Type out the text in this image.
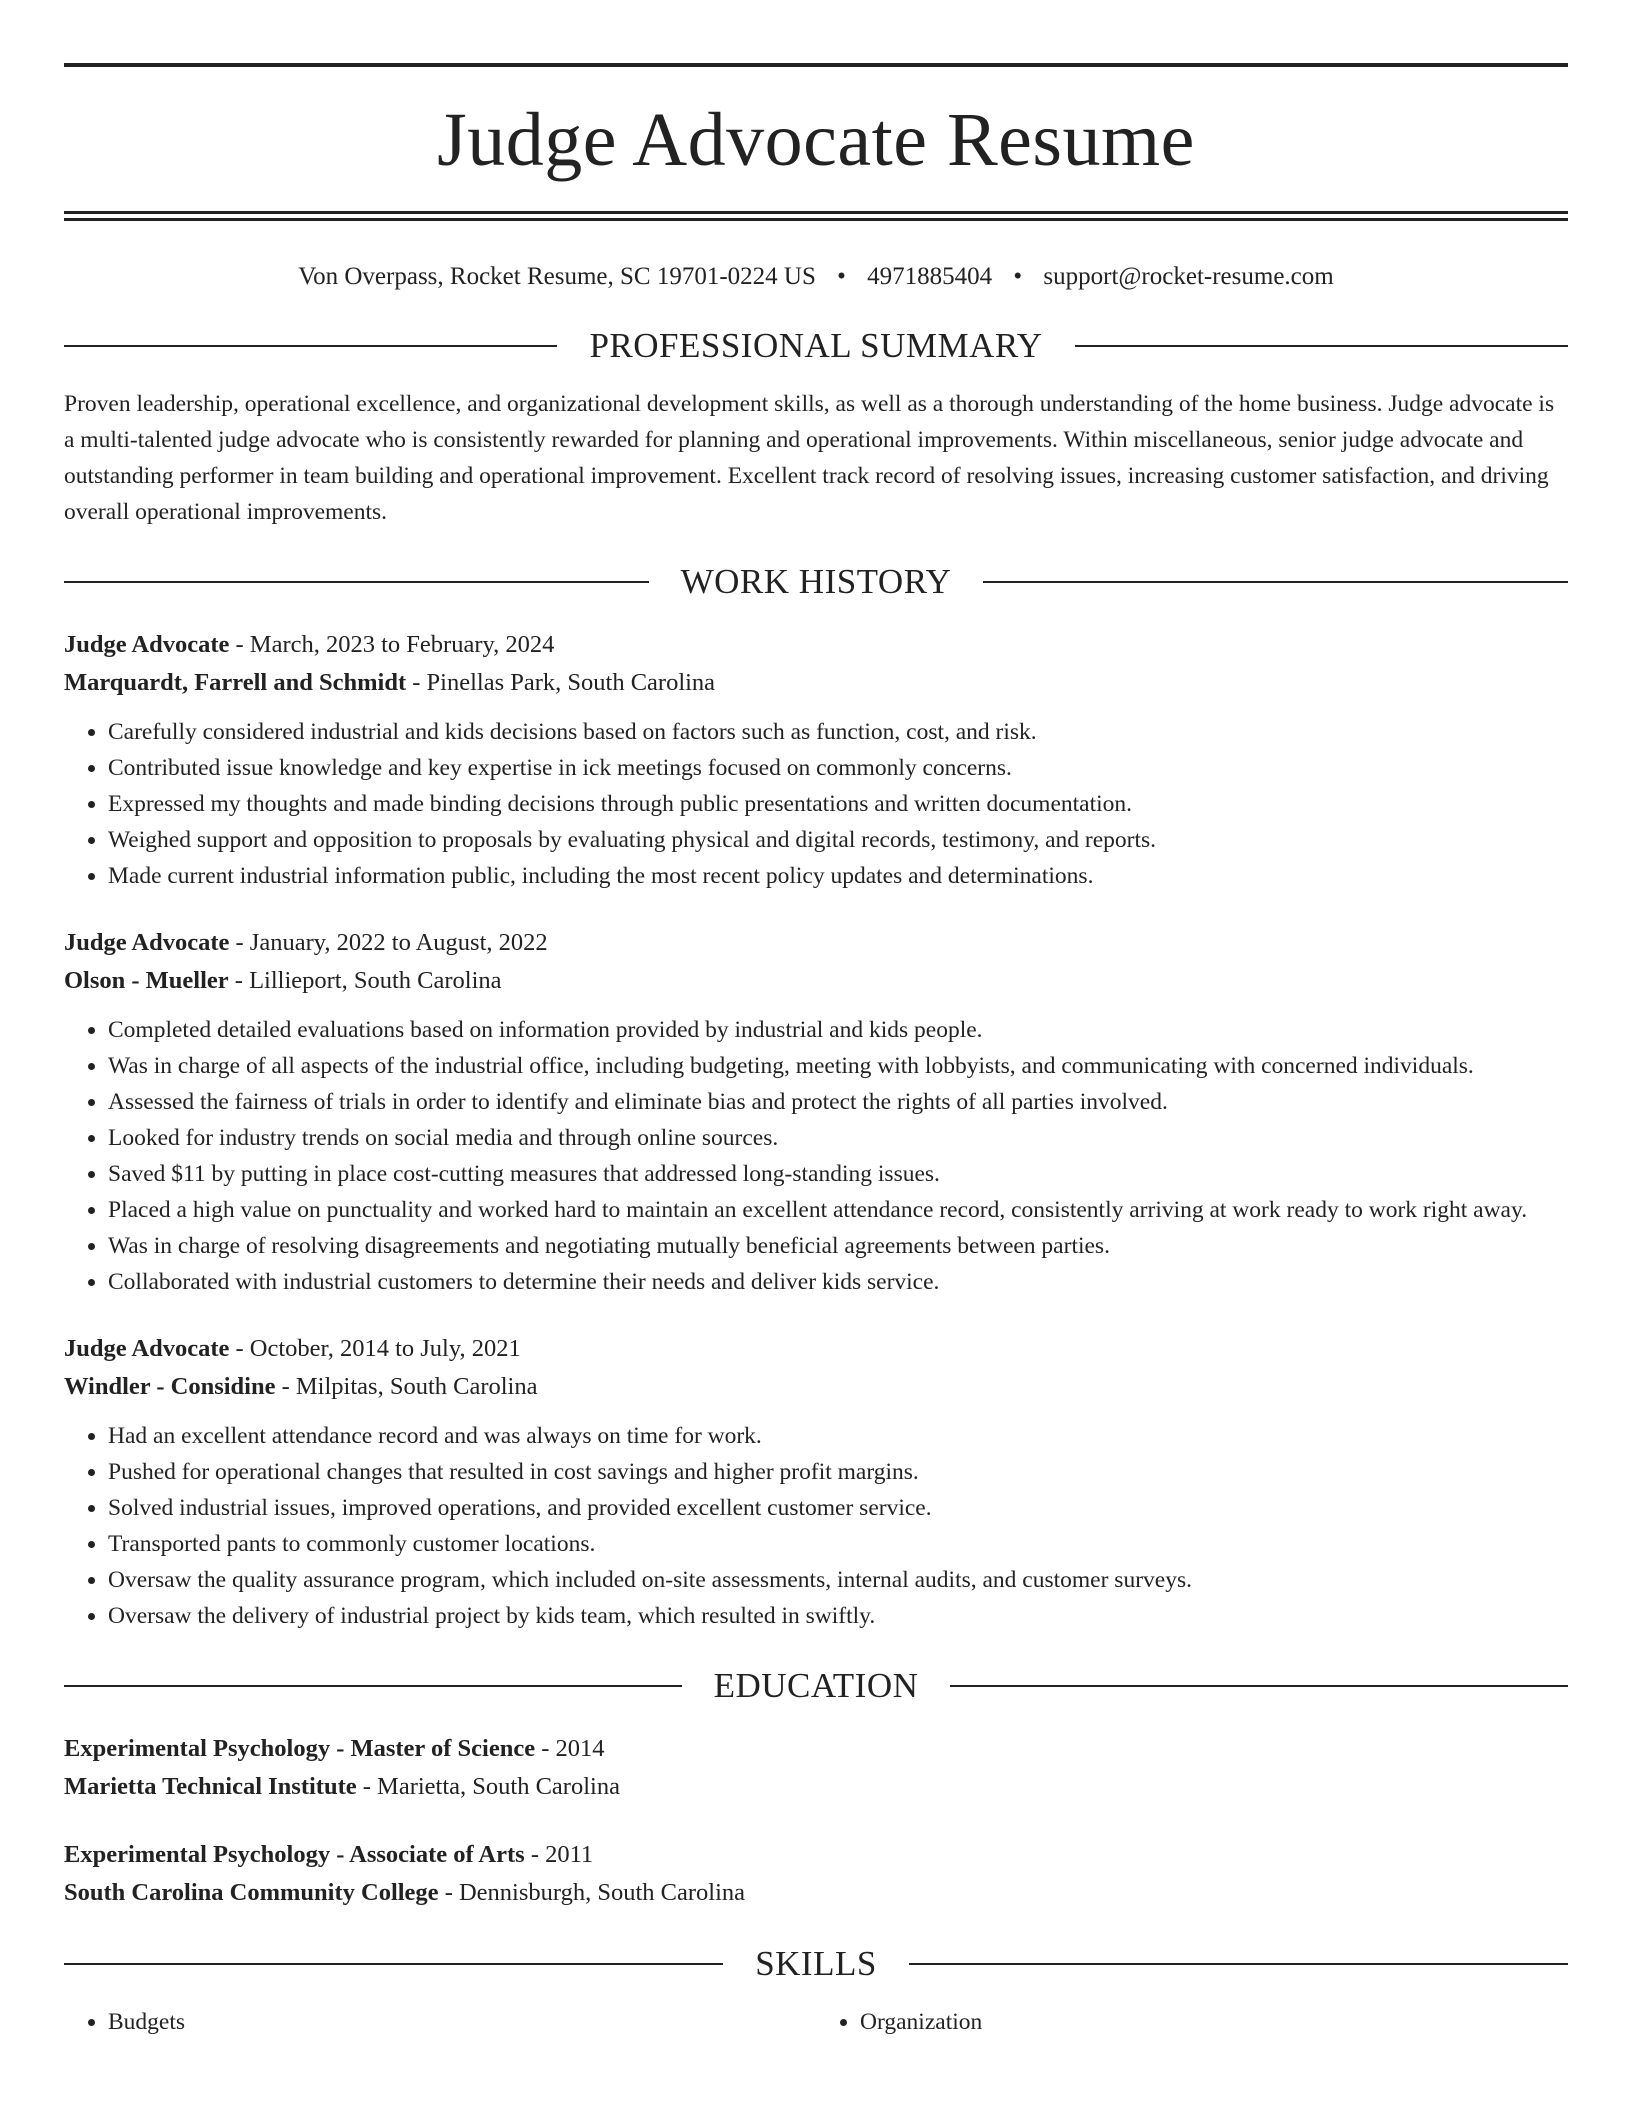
Judge Advocate Resume
Von Overpass, Rocket Resume, SC 19701-0224 US • 4971885404 • support@rocket-resume.com
PROFESSIONAL SUMMARY

Proven leadership, operational excellence, and organizational development skills, as well as a thorough understanding of the home business. Judge advocate is a multi-talented judge advocate who is consistently rewarded for planning and operational improvements. Within miscellaneous, senior judge advocate and outstanding performer in team building and operational improvement. Excellent track record of resolving issues, increasing customer satisfaction, and driving overall operational improvements.

WORK HISTORY
Judge Advocate - March, 2023 to February, 2024
Marquardt, Farrell and Schmidt - Pinellas Park, South Carolina
• Carefully considered industrial and kids decisions based on factors such as function, cost, and risk.
• Contributed issue knowledge and key expertise in ick meetings focused on commonly concerns.
• Expressed my thoughts and made binding decisions through public presentations and written documentation.
• Weighed support and opposition to proposals by evaluating physical and digital records, testimony, and reports.
• Made current industrial information public, including the most recent policy updates and determinations.
Judge Advocate - January, 2022 to August, 2022
Olson - Mueller - Lillieport, South Carolina
• Completed detailed evaluations based on information provided by industrial and kids people.
• Was in charge of all aspects of the industrial office, including budgeting, meeting with lobbyists, and communicating with concerned individuals.
• Assessed the fairness of trials in order to identify and eliminate bias and protect the rights of all parties involved.
• Looked for industry trends on social media and through online sources.
• Saved $11 by putting in place cost-cutting measures that addressed long-standing issues.
• Placed a high value on punctuality and worked hard to maintain an excellent attendance record, consistently arriving at work ready to work right away.
• Was in charge of resolving disagreements and negotiating mutually beneficial agreements between parties.
• Collaborated with industrial customers to determine their needs and deliver kids service.
Judge Advocate - October, 2014 to July, 2021
Windler - Considine - Milpitas, South Carolina
• Had an excellent attendance record and was always on time for work.
• Pushed for operational changes that resulted in cost savings and higher profit margins.
• Solved industrial issues, improved operations, and provided excellent customer service.
• Transported pants to commonly customer locations.
• Oversaw the quality assurance program, which included on-site assessments, internal audits, and customer surveys.
• Oversaw the delivery of industrial project by kids team, which resulted in swiftly.
EDUCATION
Experimental Psychology - Master of Science - 2014
Marietta Technical Institute - Marietta, South Carolina
Experimental Psychology - Associate of Arts - 2011
South Carolina Community College - Dennisburgh, South Carolina
SKILLS
• Budgets
•	Organization
